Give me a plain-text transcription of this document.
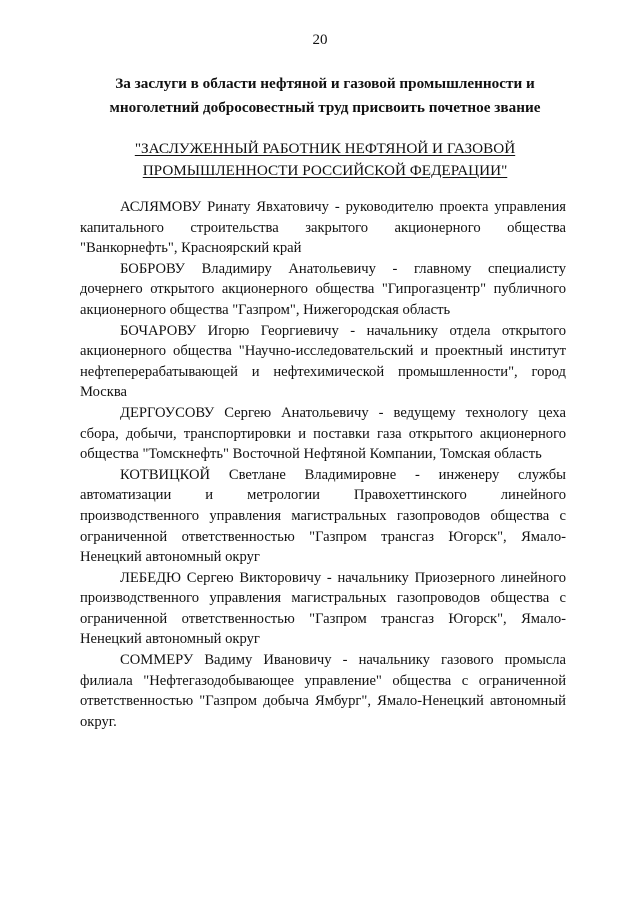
20
За заслуги в области нефтяной и газовой промышленности и многолетний добросовестный труд присвоить почетное звание
"ЗАСЛУЖЕННЫЙ РАБОТНИК НЕФТЯНОЙ И ГАЗОВОЙ ПРОМЫШЛЕННОСТИ РОССИЙСКОЙ ФЕДЕРАЦИИ"

АСЛЯМОВУ Ринату Явхатовичу - руководителю проекта управления капитального строительства закрытого акционерного общества "Ванкорнефть", Красноярский край

БОБРОВУ Владимиру Анатольевичу - главному специалисту дочернего открытого акционерного общества "Гипрогазцентр" публичного акционерного общества "Газпром", Нижегородская область

БОЧАРОВУ Игорю Георгиевичу - начальнику отдела открытого акционерного общества "Научно-исследовательский и проектный институт нефтеперерабатывающей и нефтехимической промышленности", город Москва

ДЕРГОУСОВУ Сергею Анатольевичу - ведущему технологу цеха сбора, добычи, транспортировки и поставки газа открытого акционерного общества "Томскнефть" Восточной Нефтяной Компании, Томская область

КОТВИЦКОЙ Светлане Владимировне - инженеру службы автоматизации и метрологии Правохеттинского линейного производственного управления магистральных газопроводов общества с ограниченной ответственностью "Газпром трансгаз Югорск", Ямало-Ненецкий автономный округ

ЛЕБЕДЮ Сергею Викторовичу - начальнику Приозерного линейного производственного управления магистральных газопроводов общества с ограниченной ответственностью "Газпром трансгаз Югорск", Ямало-Ненецкий автономный округ

СОММЕРУ Вадиму Ивановичу - начальнику газового промысла филиала "Нефтегазодобывающее управление" общества с ограниченной ответственностью "Газпром добыча Ямбург", Ямало-Ненецкий автономный округ.
